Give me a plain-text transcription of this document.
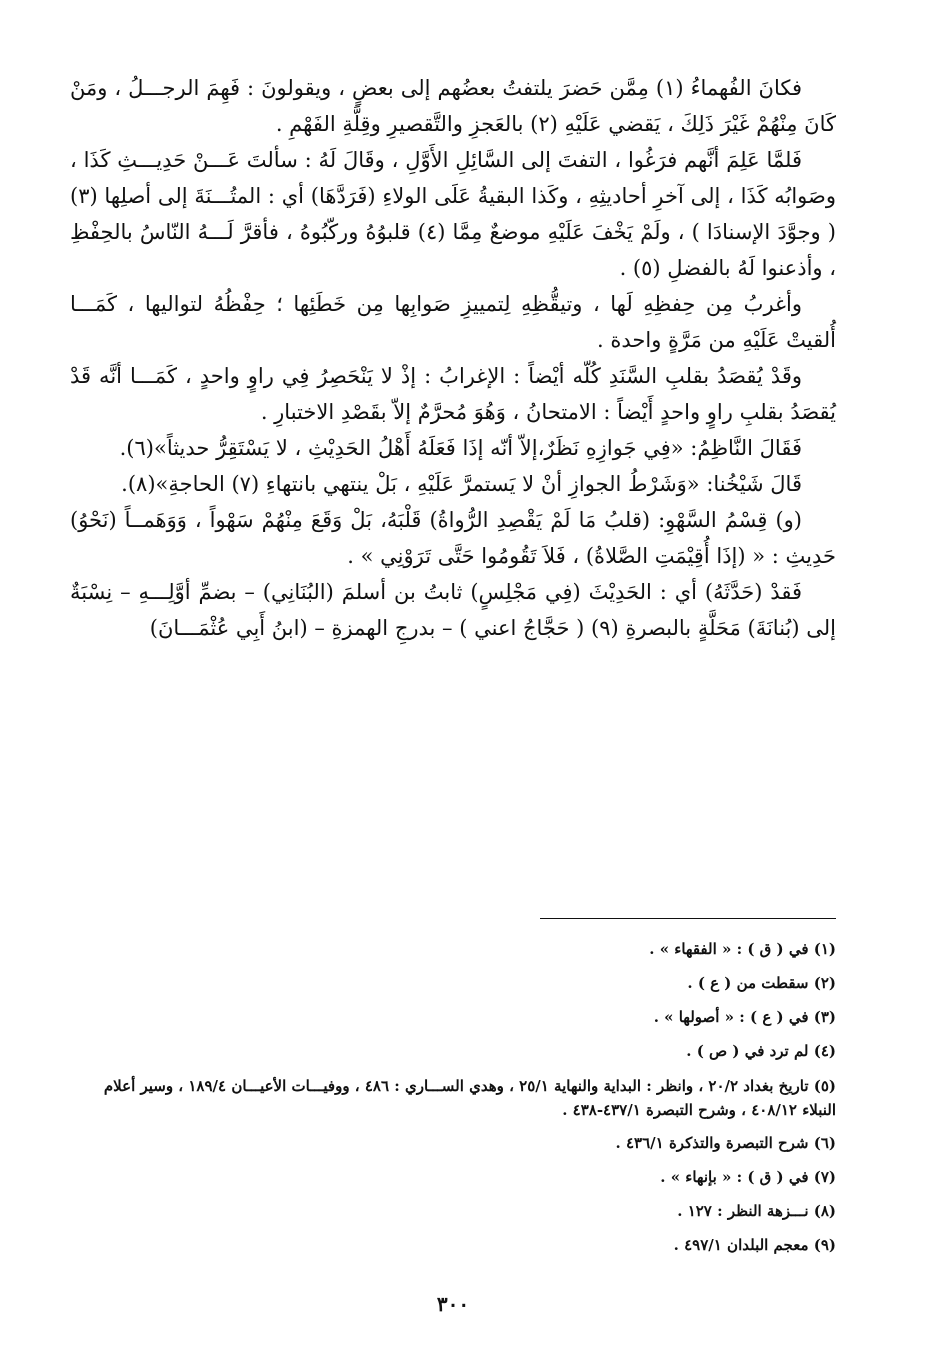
فكانَ الفُهماءُ (١) مِمَّن حَضرَ يلتفتُ بعضُهم إلى بعضٍ ، ويقولونَ : فَهِمَ الرجـــلُ ، ومَنْ كَانَ مِنْهُمْ غَيْرَ ذَلِكَ ، يَقضي عَلَيْهِ (٢) بالعَجزِ والتَّقصيرِ وقِلَّةِ الفَهْمِ .

فَلمَّا عَلِمَ أنَّهم فرَغُوا ، التفتَ إلى السَّائِلِ الأَوَّلِ ، وقَالَ لَهُ : سألتَ عَـــنْ حَدِيـــثِ كَذَا ، وصَوابُه كَذَا ، إلى آخرِ أحاديثِهِ ، وكَذا البقيةُ عَلَى الولاءِ (فَرَدَّهَا) أي : المتُـــنَةَ إلى أصلِها (٣) ( وجوَّدَ الإسنادَا ) ، ولَمْ يَخْفَ عَلَيْهِ موضعٌ مِمَّا (٤) قلبوُهُ وركّبُوهُ ، فأقرَّ لَـــهُ النّاسُ بالحِفْظِ ، وأذعنوا لَهُ بالفضلِ (٥) .

وأغربُ مِن حِفظِهِ لَها ، وتيقُّظِهِ لِتمييزِ صَوابِها مِن خَطَئِها ؛ حِفْظُهُ لتواليها ، كَمَـــا أُلقيتْ عَلَيْهِ من مَرَّةٍ واحدة .

وقَدْ يُقصَدُ بقلبِ السَّنَدِ كُلّه أيْضاً : الإغرابُ : إذْ لا يَنْحَصِرُ فِي راوٍ واحدٍ ، كَمَـــا أنَّه قَدْ يُقصَدُ بقلبِ راوٍ واحدٍ أَيْضاً : الامتحانُ ، وَهُوَ مُحرَّمٌ إلاّ بقَصْدِ الاختبارِ .

فَقَالَ النَّاظِمُ: «فِي جَوازِهِ نَظَرٌ،إلاّ أنّه إذَا فَعَلَهُ أَهْلُ الحَدِيْثِ ، لا يَسْتَقِرُّ حديثاً»(٦).

قَالَ شَيْخُنا: «وَشَرْطُ الجوازِ أنْ لا يَستمرَّ عَلَيْهِ ، بَلْ ينتهي بانتهاءِ (٧) الحاجةِ»(٨).

(و) قِسْمُ السَّهْوِ: (قلبُ مَا لَمْ يَقْصِدِ الرُّواةُ) قَلْبَهُ، بَلْ وَقَعَ مِنْهُمْ سَهْواً ، وَوَهَمــاً (نَحْوُ) حَدِيثِ : « (إذَا أُقِيْمَتِ الصَّلاةُ) ، فَلاَ تَقُومُوا حَتَّى تَرَوْنِي » .

فَقدْ (حَدَّثَهُ) أي : الحَدِيْثَ (فِي مَجْلِسٍ) ثابتُ بن أسلمَ (البُنَانِي) – بضمِّ أوَّلِـــهِ – نِسْبَةٌ إلى (بُنانَةَ) مَحَلَّةٍ بالبصرةِ (٩) ( حَجَّاجُ اعني ) – بدرجِ الهمزةِ – (ابنُ أَبِي عُثْمَـــانَ)

(١) في ( ق ) : « الفقهاء » .

(٢) سقطت من ( ع ) .

(٣) في ( ع ) : « أصولها » .

(٤) لم ترد في ( ص ) .

(٥) تاريخ بغداد ٢٠/٢ ، وانظر : البداية والنهاية ٢٥/١ ، وهدي الســـاري : ٤٨٦ ، ووفيـــات الأعيـــان ١٨٩/٤ ، وسير أعلام النبلاء ٤٠٨/١٢ ، وشرح التبصرة ٤٣٧/١-٤٣٨ .

(٦) شرح التبصرة والتذكرة ٤٣٦/١ .

(٧) في ( ق ) : « بإنهاء » .

(٨) نـــزهة النظر : ١٢٧ .

(٩) معجم البلدان ٤٩٧/١ .

٣٠٠
